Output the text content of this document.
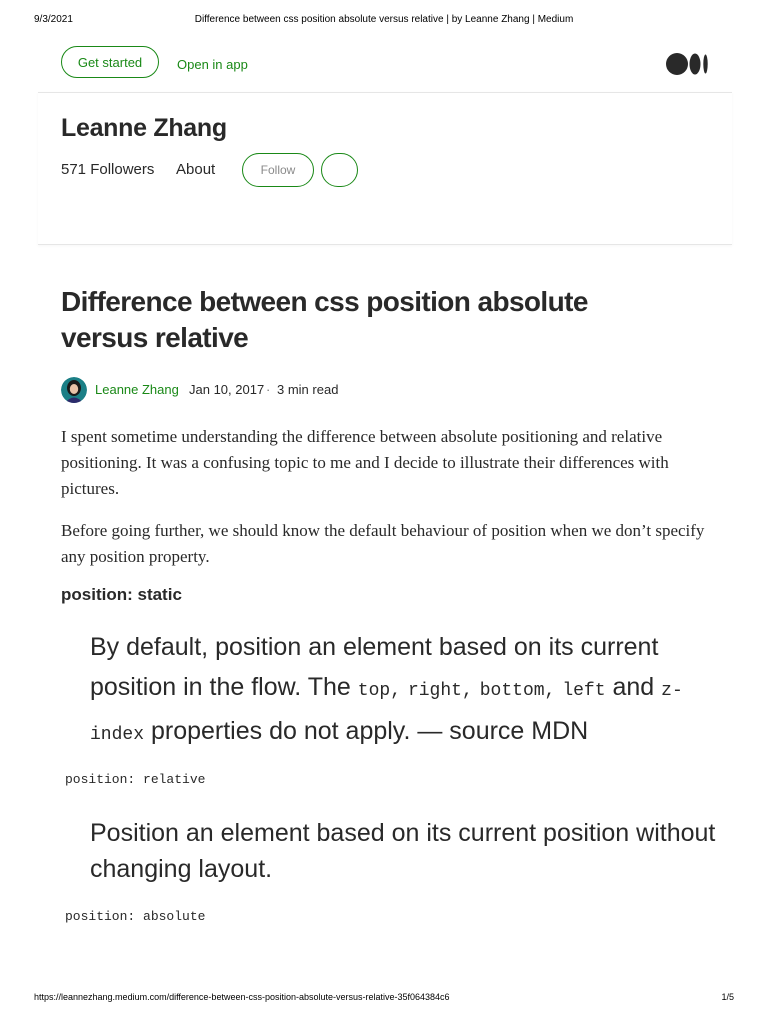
9/3/2021	Difference between css position absolute versus relative | by Leanne Zhang | Medium
Get started	Open in app
Leanne Zhang
571 Followers About	Follow
Difference between css position absolute versus relative
Leanne Zhang Jan 10, 2017 · 3 min read

I spent sometime understanding the difference between absolute positioning and relative positioning. It was a confusing topic to me and I decide to illustrate their differences with pictures.

Before going further, we should know the default behaviour of position when we don’t specify any position property.

position: static
By default, position an element based on its current position in the flow. The top, right, bottom, left and z-index properties do not apply. — source MDN
position: relative
Position an element based on its current position without changing layout.
position: absolute
https://leannezhang.medium.com/difference-between-css-position-absolute-versus-relative-35f064384c6	1/5
